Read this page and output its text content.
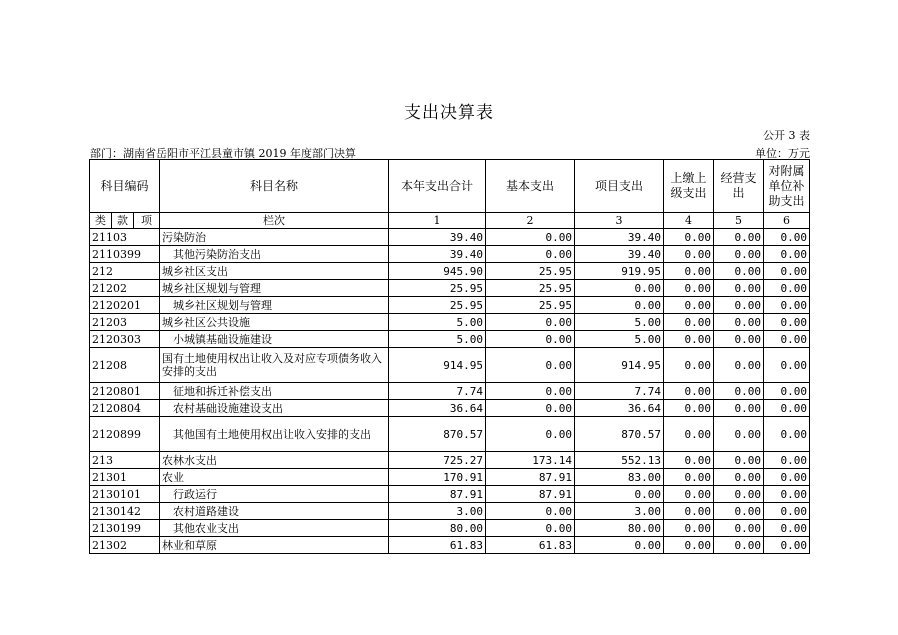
支出决算表
公开 3 表
部门：湖南省岳阳市平江县童市镇 2019 年度部门决算	单位：万元
科目编码			科目名称	本年支出合计	基本支出	项目支出	上缴上级支出	经营支出	对附属单位补助支出
类	款	项	栏次	1	2	3	4	5	6
21103			污染防治	39.40	0.00	39.40	0.00	0.00	0.00
2110399			其他污染防治支出	39.40	0.00	39.40	0.00	0.00	0.00
212			城乡社区支出	945.90	25.95	919.95	0.00	0.00	0.00
21202			城乡社区规划与管理	25.95	25.95	0.00	0.00	0.00	0.00
2120201			城乡社区规划与管理	25.95	25.95	0.00	0.00	0.00	0.00
21203			城乡社区公共设施	5.00	0.00	5.00	0.00	0.00	0.00
2120303			小城镇基础设施建设	5.00	0.00	5.00	0.00	0.00	0.00
21208			国有土地使用权出让收入及对应专项债务收入安排的支出	914.95	0.00	914.95	0.00	0.00	0.00
2120801			征地和拆迁补偿支出	7.74	0.00	7.74	0.00	0.00	0.00
2120804			农村基础设施建设支出	36.64	0.00	36.64	0.00	0.00	0.00
2120899			其他国有土地使用权出让收入安排的支出	870.57	0.00	870.57	0.00	0.00	0.00
213			农林水支出	725.27	173.14	552.13	0.00	0.00	0.00
21301			农业	170.91	87.91	83.00	0.00	0.00	0.00
2130101			行政运行	87.91	87.91	0.00	0.00	0.00	0.00
2130142			农村道路建设	3.00	0.00	3.00	0.00	0.00	0.00
2130199			其他农业支出	80.00	0.00	80.00	0.00	0.00	0.00
21302			林业和草原	61.83	61.83	0.00	0.00	0.00	0.00
